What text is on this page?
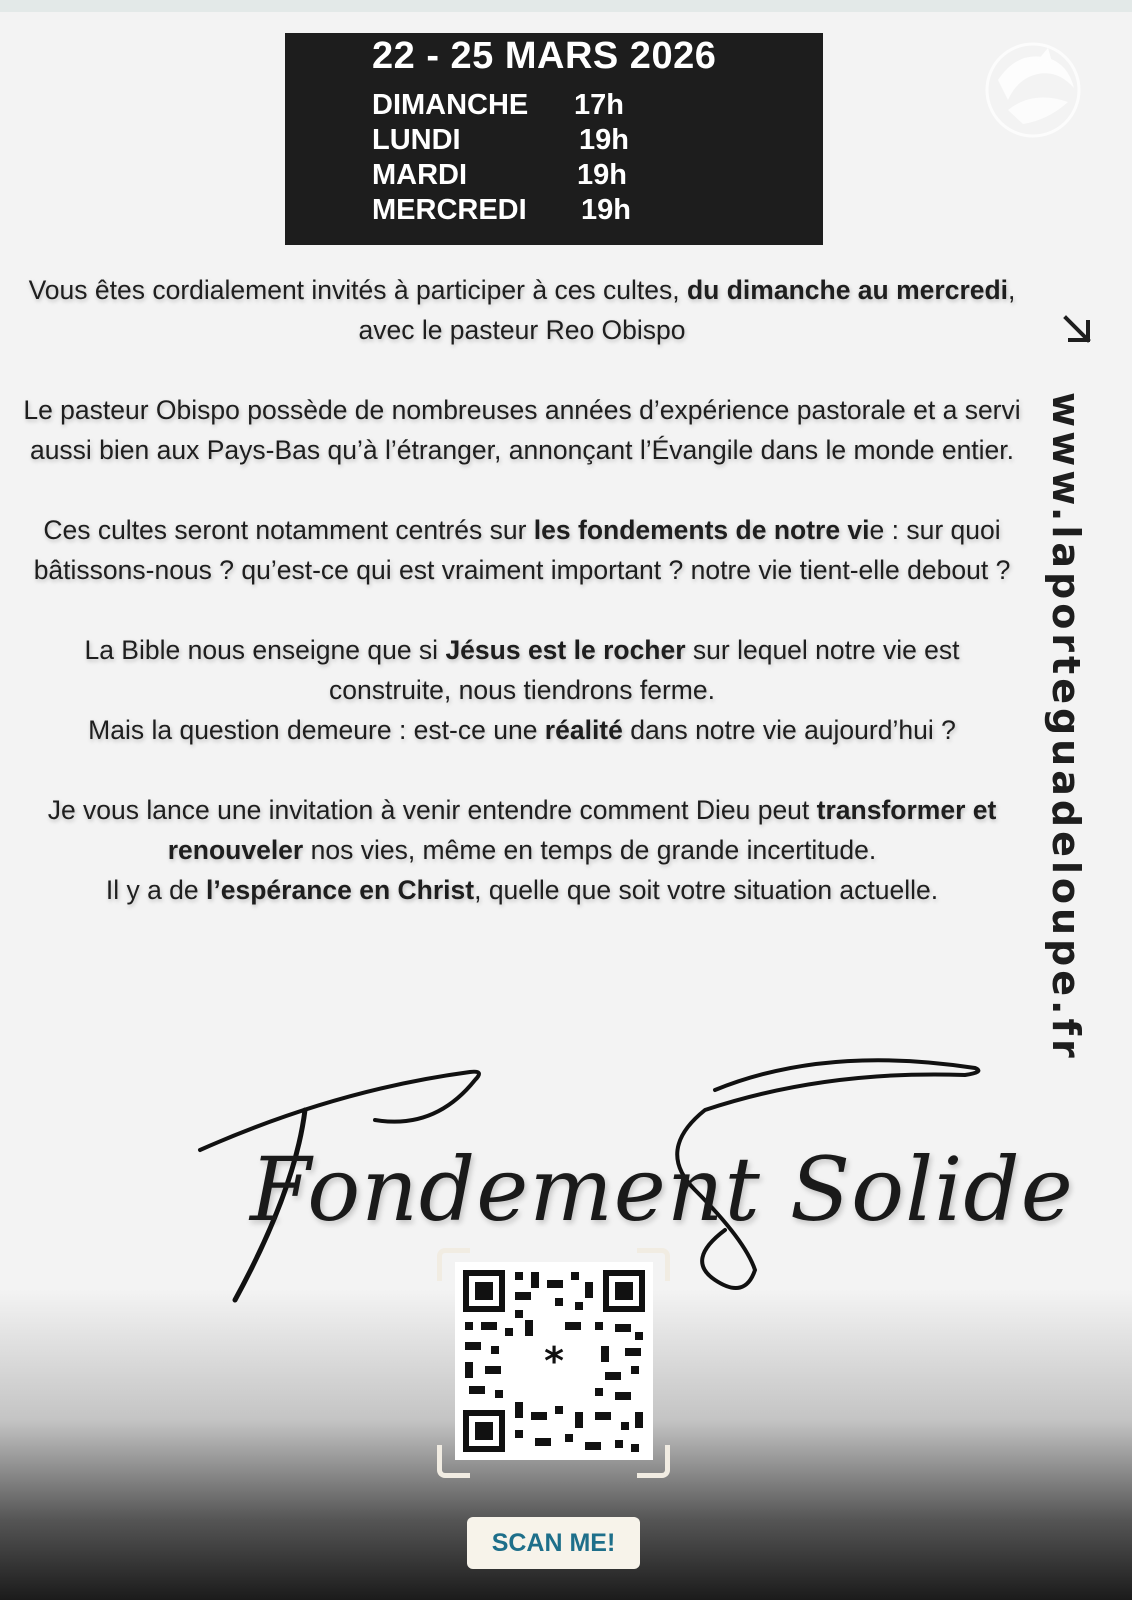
22 - 25 MARS 2026
DIMANCHE 17h
LUNDI	19h
MARDI	19h
MERCREDI 19h

Vous êtes cordialement invités à participer à ces cultes, du dimanche au mercredi, avec le pasteur Reo Obispo

Le pasteur Obispo possède de nombreuses années d’expérience pastorale et a servi aussi bien aux Pays-Bas qu’à l’étranger, annonçant l’Évangile dans le monde entier.

Ces cultes seront notamment centrés sur les fondements de notre vie : sur quoi bâtissons-nous ? qu’est-ce qui est vraiment important ? notre vie tient-elle debout ?

La Bible nous enseigne que si Jésus est le rocher sur lequel notre vie est construite, nous tiendrons ferme.

Mais la question demeure : est-ce une réalité dans notre vie aujourd’hui ?

Je vous lance une invitation à venir entendre comment Dieu peut transformer et renouveler nos vies, même en temps de grande incertitude.

Il y a de l’espérance en Christ, quelle que soit votre situation actuelle.	www.laporteguadeloupe.fr
Fondement Solide
*
SCAN ME!
